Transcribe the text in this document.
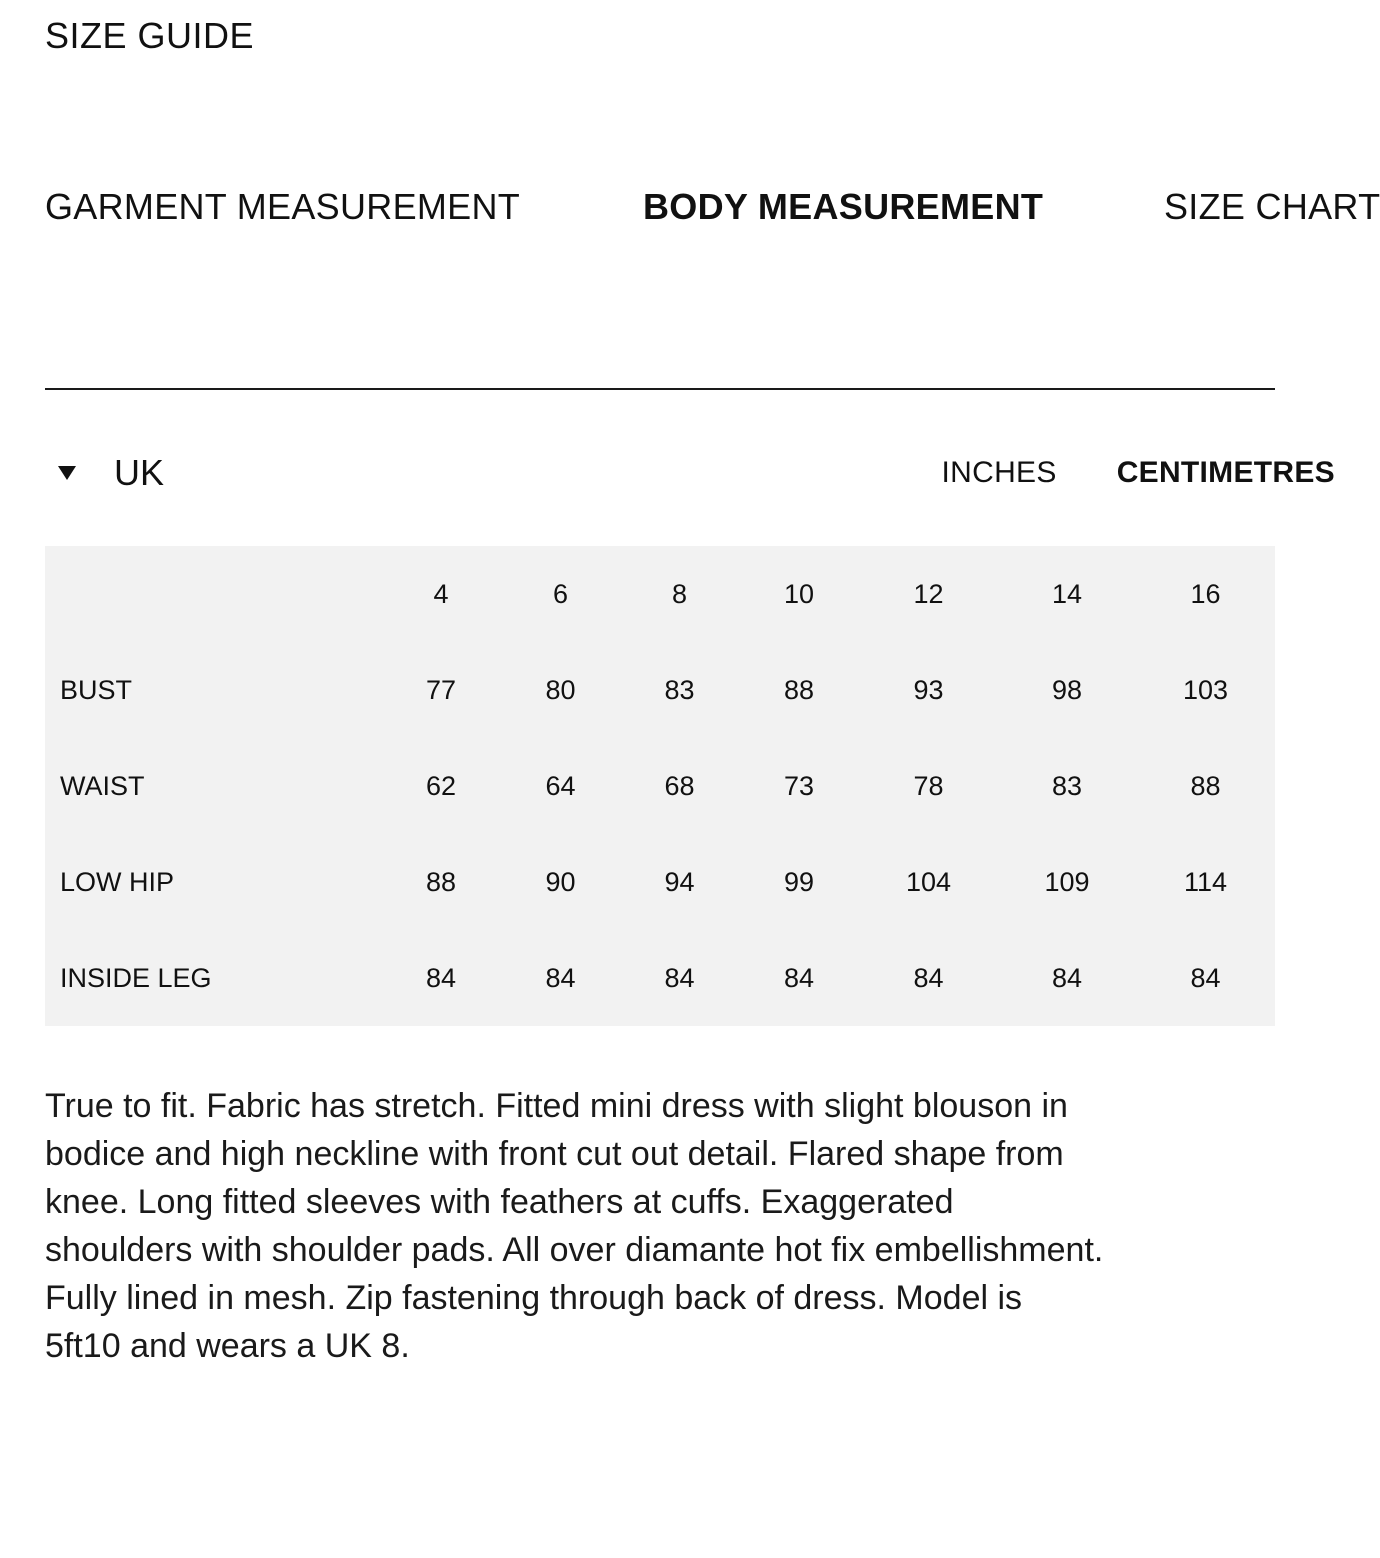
SIZE GUIDE
GARMENT MEASUREMENT	BODY MEASUREMENT	SIZE CHART
UK	INCHES CENTIMETRES
	4	6	8	10	12	14	16
BUST	77	80	83	88	93	98	103
WAIST	62	64	68	73	78	83	88
LOW HIP	88	90	94	99	104	109	114
INSIDE LEG	84	84	84	84	84	84	84

True to fit. Fabric has stretch. Fitted mini dress with slight blouson in bodice and high neckline with front cut out detail. Flared shape from knee. Long fitted sleeves with feathers at cuffs. Exaggerated shoulders with shoulder pads. All over diamante hot fix embellishment. Fully lined in mesh. Zip fastening through back of dress. Model is 5ft10 and wears a UK 8.
